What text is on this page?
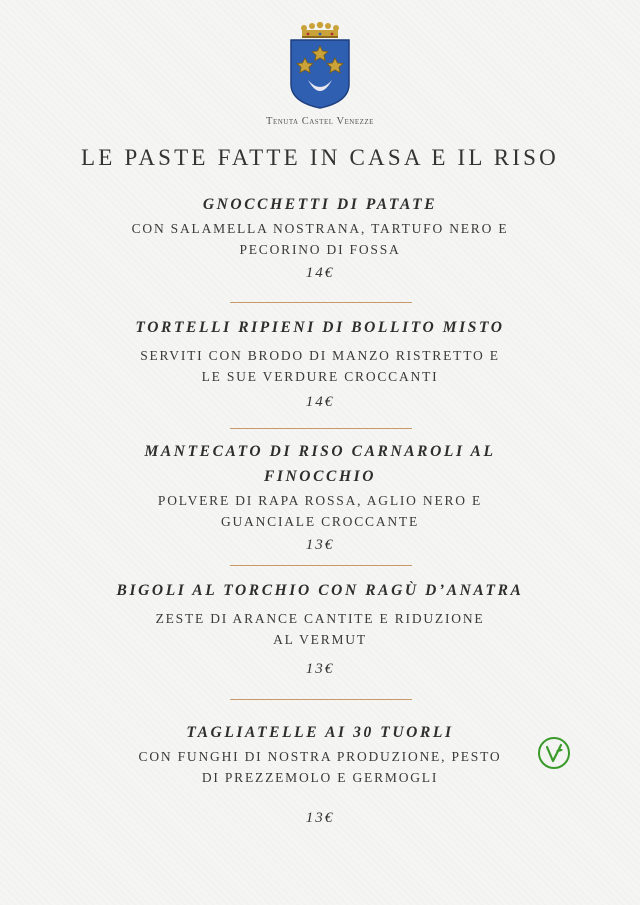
Tenuta Castel Venezze
LE PASTE FATTE IN CASA E IL RISO
GNOCCHETTI DI PATATE
CON SALAMELLA NOSTRANA, TARTUFO NERO E
PECORINO DI FOSSA
14€
TORTELLI RIPIENI DI BOLLITO MISTO
SERVITI CON BRODO DI MANZO RISTRETTO E
LE SUE VERDURE CROCCANTI
14€
MANTECATO DI RISO CARNAROLI AL
FINOCCHIO
POLVERE DI RAPA ROSSA, AGLIO NERO E
GUANCIALE CROCCANTE
13€
BIGOLI AL TORCHIO CON RAGÙ D’ANATRA
ZESTE DI ARANCE CANTITE E RIDUZIONE
AL VERMUT
13€
TAGLIATELLE AI 30 TUORLI
CON FUNGHI DI NOSTRA PRODUZIONE, PESTO
DI PREZZEMOLO E GERMOGLI
13€
